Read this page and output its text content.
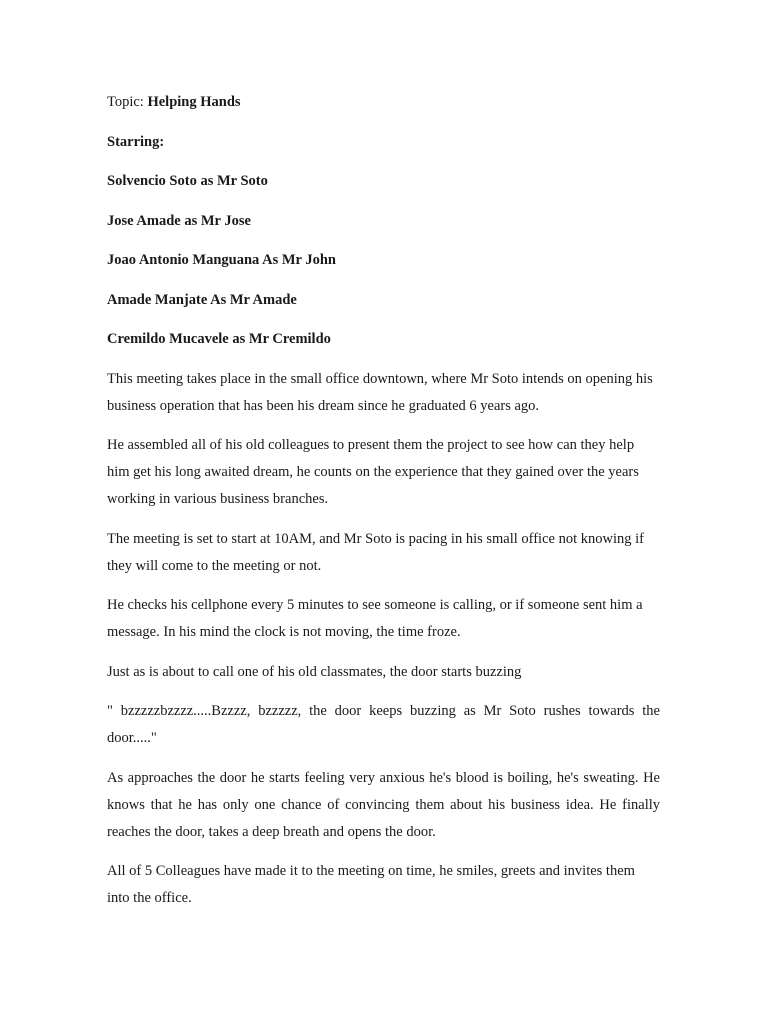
Topic: Helping Hands

Starring:

Solvencio Soto as Mr Soto

Jose Amade as Mr Jose

Joao Antonio Manguana As Mr John

Amade Manjate As Mr Amade

Cremildo Mucavele as Mr Cremildo

This meeting takes place in the small office downtown, where Mr Soto intends on opening his business operation that has been his dream since he graduated 6 years ago.

He assembled all of his old colleagues to present them the project to see how can they help him get his long awaited dream, he counts on the experience that they gained over the years working in various business branches.

The meeting is set to start at 10AM, and Mr Soto is pacing in his small office not knowing if they will come to the meeting or not.

He checks his cellphone every 5 minutes to see someone is calling, or if someone sent him a message. In his mind the clock is not moving, the time froze.

Just as is about to call one of his old classmates, the door starts buzzing

" bzzzzzbzzzz.....Bzzzz, bzzzzz, the door keeps buzzing as Mr Soto rushes towards the door....."

As approaches the door he starts feeling very anxious he's blood is boiling, he's sweating. He knows that he has only one chance of convincing them about his business idea. He finally reaches the door, takes a deep breath and opens the door.

All of 5 Colleagues have made it to the meeting on time, he smiles, greets and invites them into the office.
